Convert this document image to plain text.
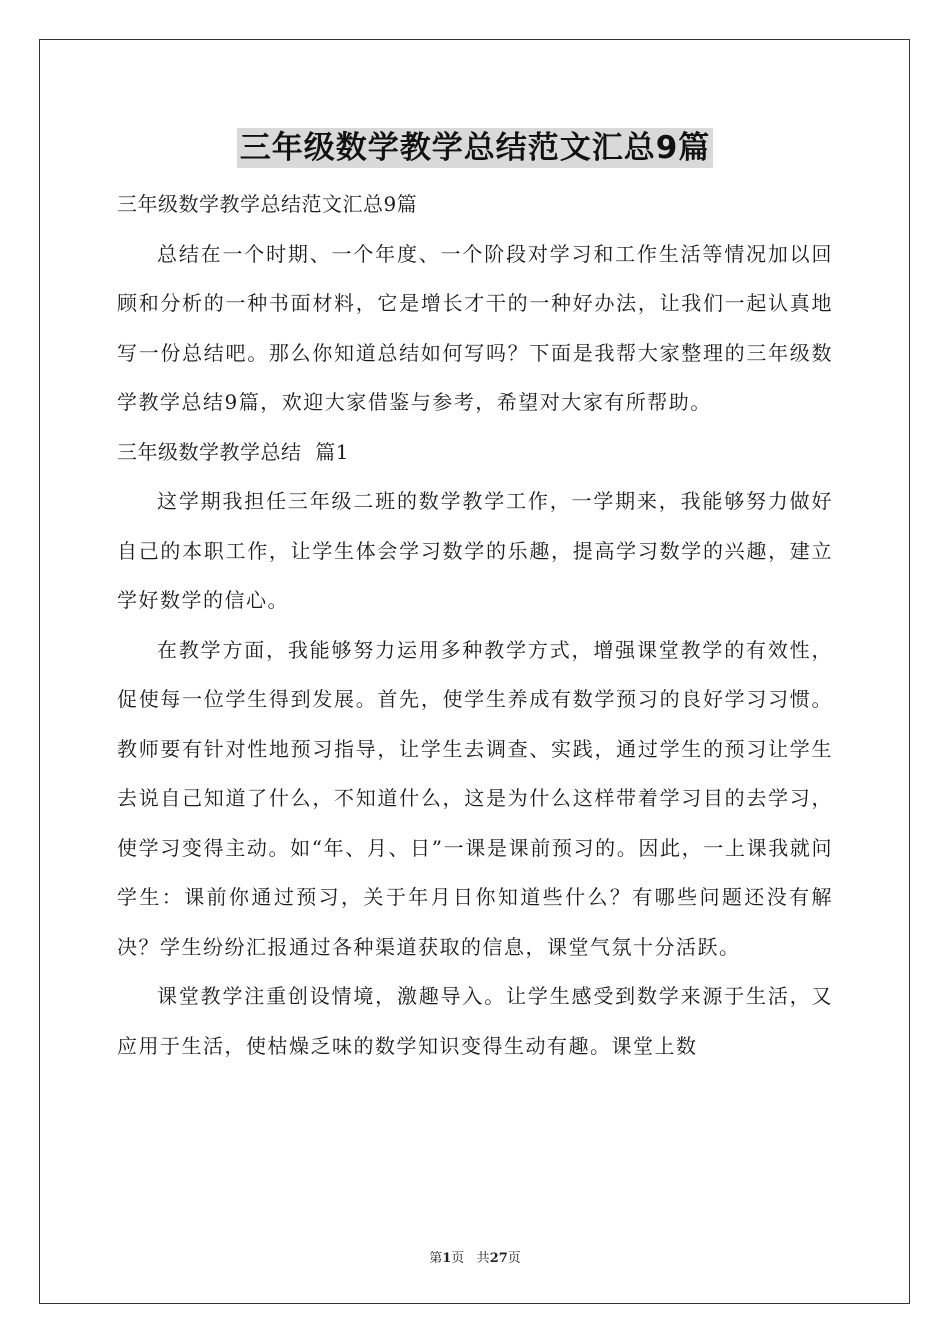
三年级数学教学总结范文汇总9篇

三年级数学教学总结范文汇总9篇

总结在一个时期、一个年度、一个阶段对学习和工作生活等情况加以回顾和分析的一种书面材料，它是增长才干的一种好办法，让我们一起认真地写一份总结吧。那么你知道总结如何写吗？下面是我帮大家整理的三年级数学教学总结9篇，欢迎大家借鉴与参考，希望对大家有所帮助。

三年级数学教学总结  篇1

这学期我担任三年级二班的数学教学工作，一学期来，我能够努力做好自己的本职工作，让学生体会学习数学的乐趣，提高学习数学的兴趣，建立学好数学的信心。

在教学方面，我能够努力运用多种教学方式，增强课堂教学的有效性，促使每一位学生得到发展。首先，使学生养成有数学预习的良好学习习惯。教师要有针对性地预习指导，让学生去调查、实践，通过学生的预习让学生去说自己知道了什么，不知道什么，这是为什么这样带着学习目的去学习，使学习变得主动。如“年、月、日”一课是课前预习的。因此，一上课我就问学生：课前你通过预习，关于年月日你知道些什么？有哪些问题还没有解决？学生纷纷汇报通过各种渠道获取的信息，课堂气氛十分活跃。

课堂教学注重创设情境，激趣导入。让学生感受到数学来源于生活，又应用于生活，使枯燥乏味的数学知识变得生动有趣。课堂上数

第1页 共27页
